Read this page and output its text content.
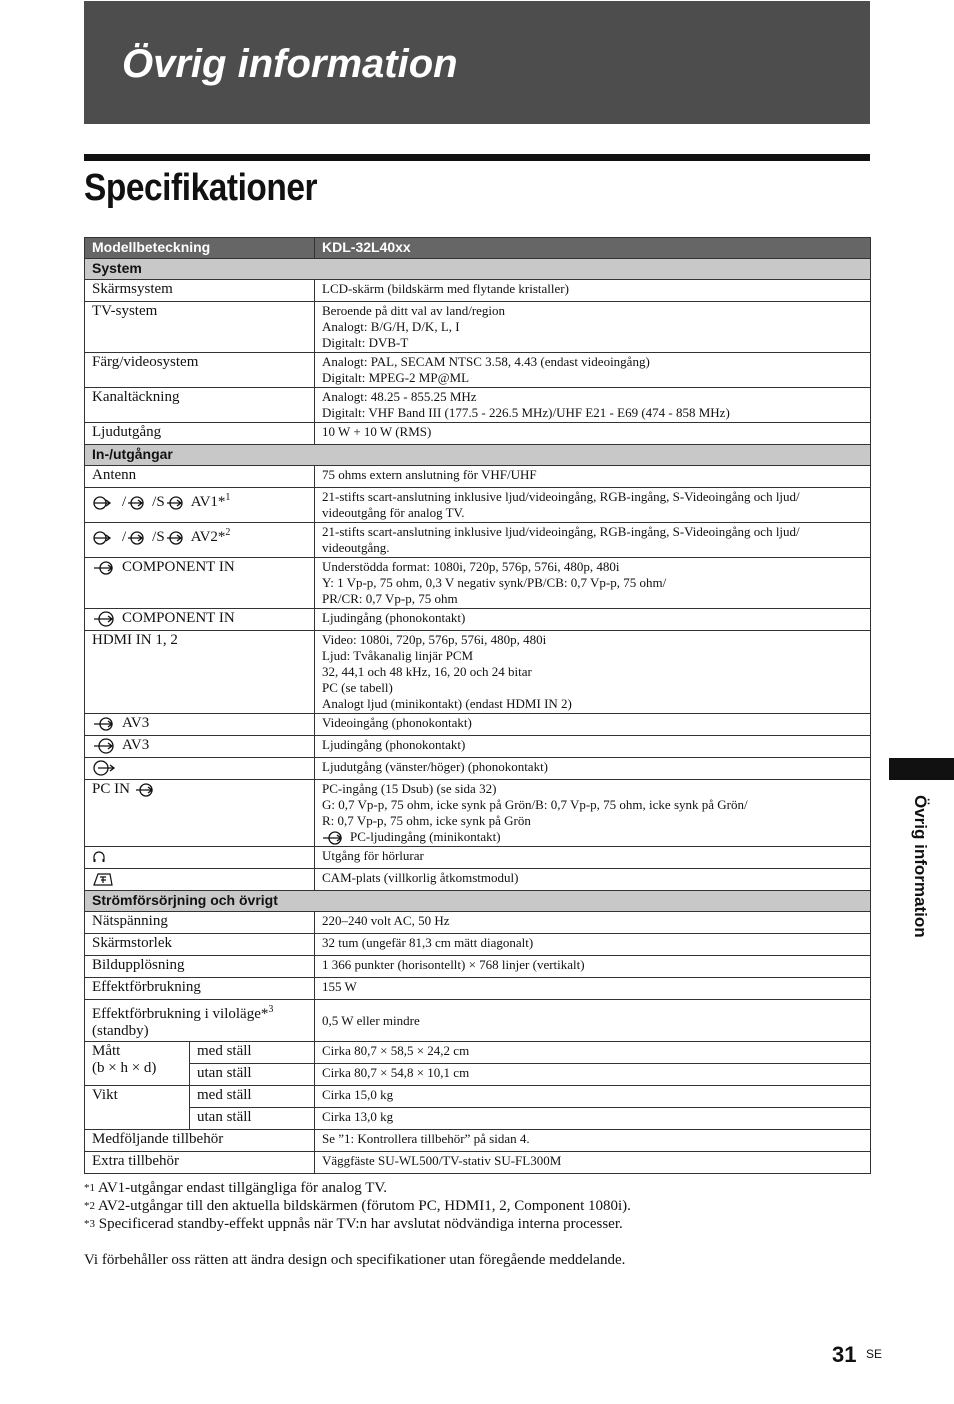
Övrig information
Specifikationer
Modellbeteckning		KDL-32L40xx
System		
Skärmsystem		LCD-skärm (bildskärm med flytande kristaller)

TV-system		Beroende på ditt val av land/region
Analogt: B/G/H, D/K, L, I
Digitalt: DVB-T

Färg/videosystem		Analogt: PAL, SECAM NTSC 3.58, 4.43 (endast videoingång)
Digitalt: MPEG-2 MP@ML

Kanaltäckning		Analogt: 48.25 - 855.25 MHz
Digitalt: VHF Band III (177.5 - 226.5 MHz)/UHF E21 - E69 (474 - 858 MHz)

Ljudutgång		10 W + 10 W (RMS)

In-/utgångar		
Antenn		75 ohms extern anslutning för VHF/UHF
/ /S AV1*$^1$		21-stifts scart-anslutning inklusive ljud/videoingång, RGB-ingång, S-Videoingång och ljud/
videoutgång för analog TV.

/ /S AV2*$^2$		21-stifts scart-anslutning inklusive ljud/videoingång, RGB-ingång, S-Videoingång och ljud/
videoutgång.

COMPONENT IN		Understödda format: 1080i, 720p, 576p, 576i, 480p, 480i
Y: 1 Vp-p, 75 ohm, 0,3 V negativ synk/PB/CB: 0,7 Vp-p, 75 ohm/
PR/CR: 0,7 Vp-p, 75 ohm

COMPONENT IN		Ljudingång (phonokontakt)
HDMI IN 1, 2		Video: 1080i, 720p, 576p, 576i, 480p, 480i
Ljud: Tvåkanalig linjär PCM
32, 44,1 och 48 kHz, 16, 20 och 24 bitar
PC (se tabell)
Analogt ljud (minikontakt) (endast HDMI IN 2)

AV3		Videoingång (phonokontakt)
AV3		Ljudingång (phonokontakt)
	Ljudutgång (vänster/höger) (phonokontakt)
PC IN		PC-ingång (15 Dsub) (se sida 32)
G: 0,7 Vp-p, 75 ohm, icke synk på Grön/B: 0,7 Vp-p, 75 ohm, icke synk på Grön/
R: 0,7 Vp-p, 75 ohm, icke synk på Grön
PC-ljudingång (minikontakt)

	Utgång för hörlurar
	CAM-plats (villkorlig åtkomstmodul)
Strömförsörjning och övrigt		
Nätspänning		220–240 volt AC, 50 Hz
Skärmstorlek		32 tum (ungefär 81,3 cm mätt diagonalt)
Bildupplösning		1 366 punkter (horisontellt) × 768 linjer (vertikalt)
Effektförbrukning		155 W
Effektförbrukning i viloläge*$^3$
(standby)		0,5 W eller mindre

Mått
(b × h × d)	med ställ	Cirka 80,7 × 58,5 × 24,2 cm
	utan ställ	Cirka 80,7 × 54,8 × 10,1 cm
Vikt	med ställ	Cirka 15,0 kg
	utan ställ	Cirka 13,0 kg
Medföljande tillbehör		Se ”1: Kontrollera tillbehör” på sidan 4.
Extra tillbehör		Väggfäste SU-WL500/TV-stativ SU-FL300M
$^{*1}$ AV1-utgångar endast tillgängliga för analog TV.
$^{*2}$ AV2-utgångar till den aktuella bildskärmen (förutom PC, HDMI1, 2, Component 1080i).
$^{*3}$ Specificerad standby-effekt uppnås när TV:n har avslutat nödvändiga interna processer.
Vi förbehåller oss rätten att ändra design och specifikationer utan föregående meddelande.
Övrig information
31 SE
